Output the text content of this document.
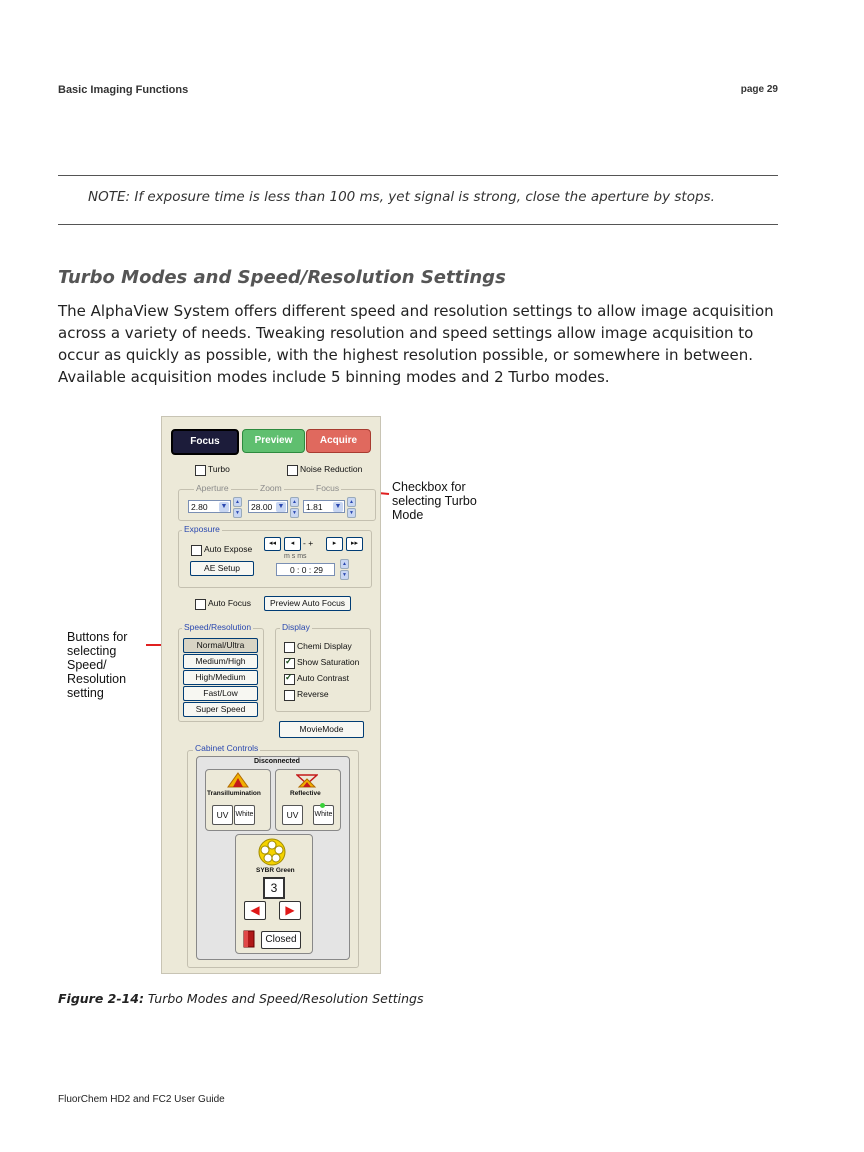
Basic Imaging Functions	page 29
NOTE: If exposure time is less than 100 ms, yet signal is strong, close the aperture by stops.
Turbo Modes and Speed/Resolution Settings
The AlphaView System offers different speed and resolution settings to allow image acquisition across a variety of needs. Tweaking resolution and speed settings allow image acquisition to occur as quickly as possible, with the highest resolution possible, or somewhere in between. Available acquisition modes include 5 binning modes and 2 Turbo modes.
Checkbox for selecting Turbo Mode
Buttons for selecting Speed/ Resolution setting
Focus	Preview	Acquire
Turbo	Noise Reduction
Aperture	Zoom	Focus
2.80 ▼
▲
▼
28.00 ▼
▲
▼
1.81 ▼
▲
▼
Exposure
Auto Expose
AE Setup
◂◂	◂	- +	▸	▸▸
m s ms
0 : 0 : 29
▲
▼
Auto Focus	Preview Auto Focus
Speed/Resolution
Normal/Ultra
Medium/High
High/Medium
Fast/Low
Super Speed
Display
Chemi Display
✓
Show Saturation
✓
Auto Contrast
Reverse
MovieMode
Cabinet Controls
Disconnected
Transillumination
UV	White
Reflective
UV	White
SYBR Green
3
◀	▶
Closed
Figure 2-14: Turbo Modes and Speed/Resolution Settings
FluorChem HD2 and FC2 User Guide
